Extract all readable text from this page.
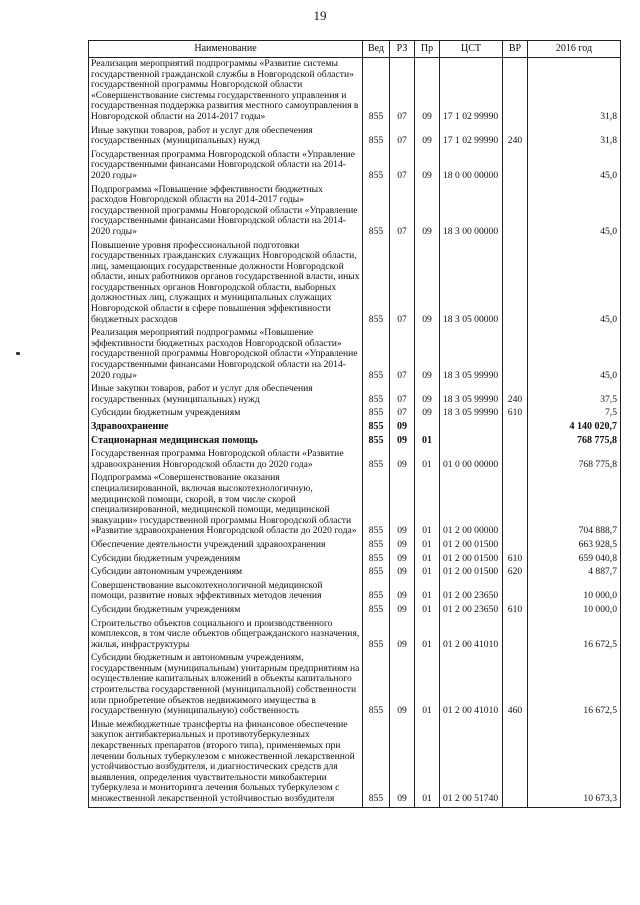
19
Наименование	Вед	РЗ	Пр	ЦСТ	ВР	2016 год
Реализация мероприятий подпрограммы «Развитие системы государственной гражданской службы в Новгородской области» государственной программы Новгородской области «Совершенствование системы государственного управления и государственная поддержка развития местного самоуправления в Новгородской области на 2014-2017 годы»	855	07	09	17 1 02 99990		31,8
Иные закупки товаров, работ и услуг для обеспечения государственных (муниципальных) нужд	855	07	09	17 1 02 99990	240	31,8
Государственная программа Новгородской области «Управление государственными финансами Новгородской области на 2014-2020 годы»	855	07	09	18 0 00 00000		45,0
Подпрограмма «Повышение эффективности бюджетных расходов Новгородской области на 2014-2017 годы» государственной программы Новгородской области «Управление государственными финансами Новгородской области на 2014-2020 годы»	855	07	09	18 3 00 00000		45,0
Повышение уровня профессиональной подготовки государственных гражданских служащих Новгородской области, лиц, замещающих государственные должности Новгородской области, иных работников органов государственной власти, иных государственных органов Новгородской области, выборных должностных лиц, служащих и муниципальных служащих Новгородской области в сфере повышения эффективности бюджетных расходов	855	07	09	18 3 05 00000		45,0
Реализация мероприятий подпрограммы «Повышение эффективности бюджетных расходов Новгородской области» государственной программы Новгородской области «Управление государственными финансами Новгородской области на 2014-2020 годы»	855	07	09	18 3 05 99990		45,0
Иные закупки товаров, работ и услуг для обеспечения государственных (муниципальных) нужд	855	07	09	18 3 05 99990	240	37,5
Субсидии бюджетным учреждениям	855	07	09	18 3 05 99990	610	7,5
Здравоохранение	855	09				4 140 020,7
Стационарная медицинская помощь	855	09	01			768 775,8
Государственная программа Новгородской области «Развитие здравоохранения Новгородской области до 2020 года»	855	09	01	01 0 00 00000		768 775,8
Подпрограмма «Совершенствование оказания специализированной, включая высокотехнологичную, медицинской помощи, скорой, в том числе скорой специализированной, медицинской помощи, медицинской эвакуации» государственной программы Новгородской области «Развитие здравоохранения Новгородской области до 2020 года»	855	09	01	01 2 00 00000		704 888,7
Обеспечение деятельности учреждений здравоохранения	855	09	01	01 2 00 01500		663 928,5
Субсидии бюджетным учреждениям	855	09	01	01 2 00 01500	610	659 040,8
Субсидии автономным учреждениям	855	09	01	01 2 00 01500	620	4 887,7
Совершенствование высокотехнологичной медицинской помощи, развитие новых эффективных методов лечения	855	09	01	01 2 00 23650		10 000,0
Субсидии бюджетным учреждениям	855	09	01	01 2 00 23650	610	10 000,0
Строительство объектов социального и производственного комплексов, в том числе объектов общегражданского назначения, жилья, инфраструктуры	855	09	01	01 2 00 41010		16 672,5
Субсидии бюджетным и автономным учреждениям, государственным (муниципальным) унитарным предприятиям на осуществление капитальных вложений в объекты капитального строительства государственной (муниципальной) собственности или приобретение объектов недвижимого имущества в государственную (муниципальную) собственность	855	09	01	01 2 00 41010	460	16 672,5
Иные межбюджетные трансферты на финансовое обеспечение закупок антибактериальных и противотуберкулезных лекарственных препаратов (второго типа), применяемых при лечении больных туберкулезом с множественной лекарственной устойчивостью возбудителя, и диагностических средств для выявления, определения чувствительности микобактерии туберкулеза и мониторинга лечения больных туберкулезом с множественной лекарственной устойчивостью возбудителя	855	09	01	01 2 00 51740		10 673,3
